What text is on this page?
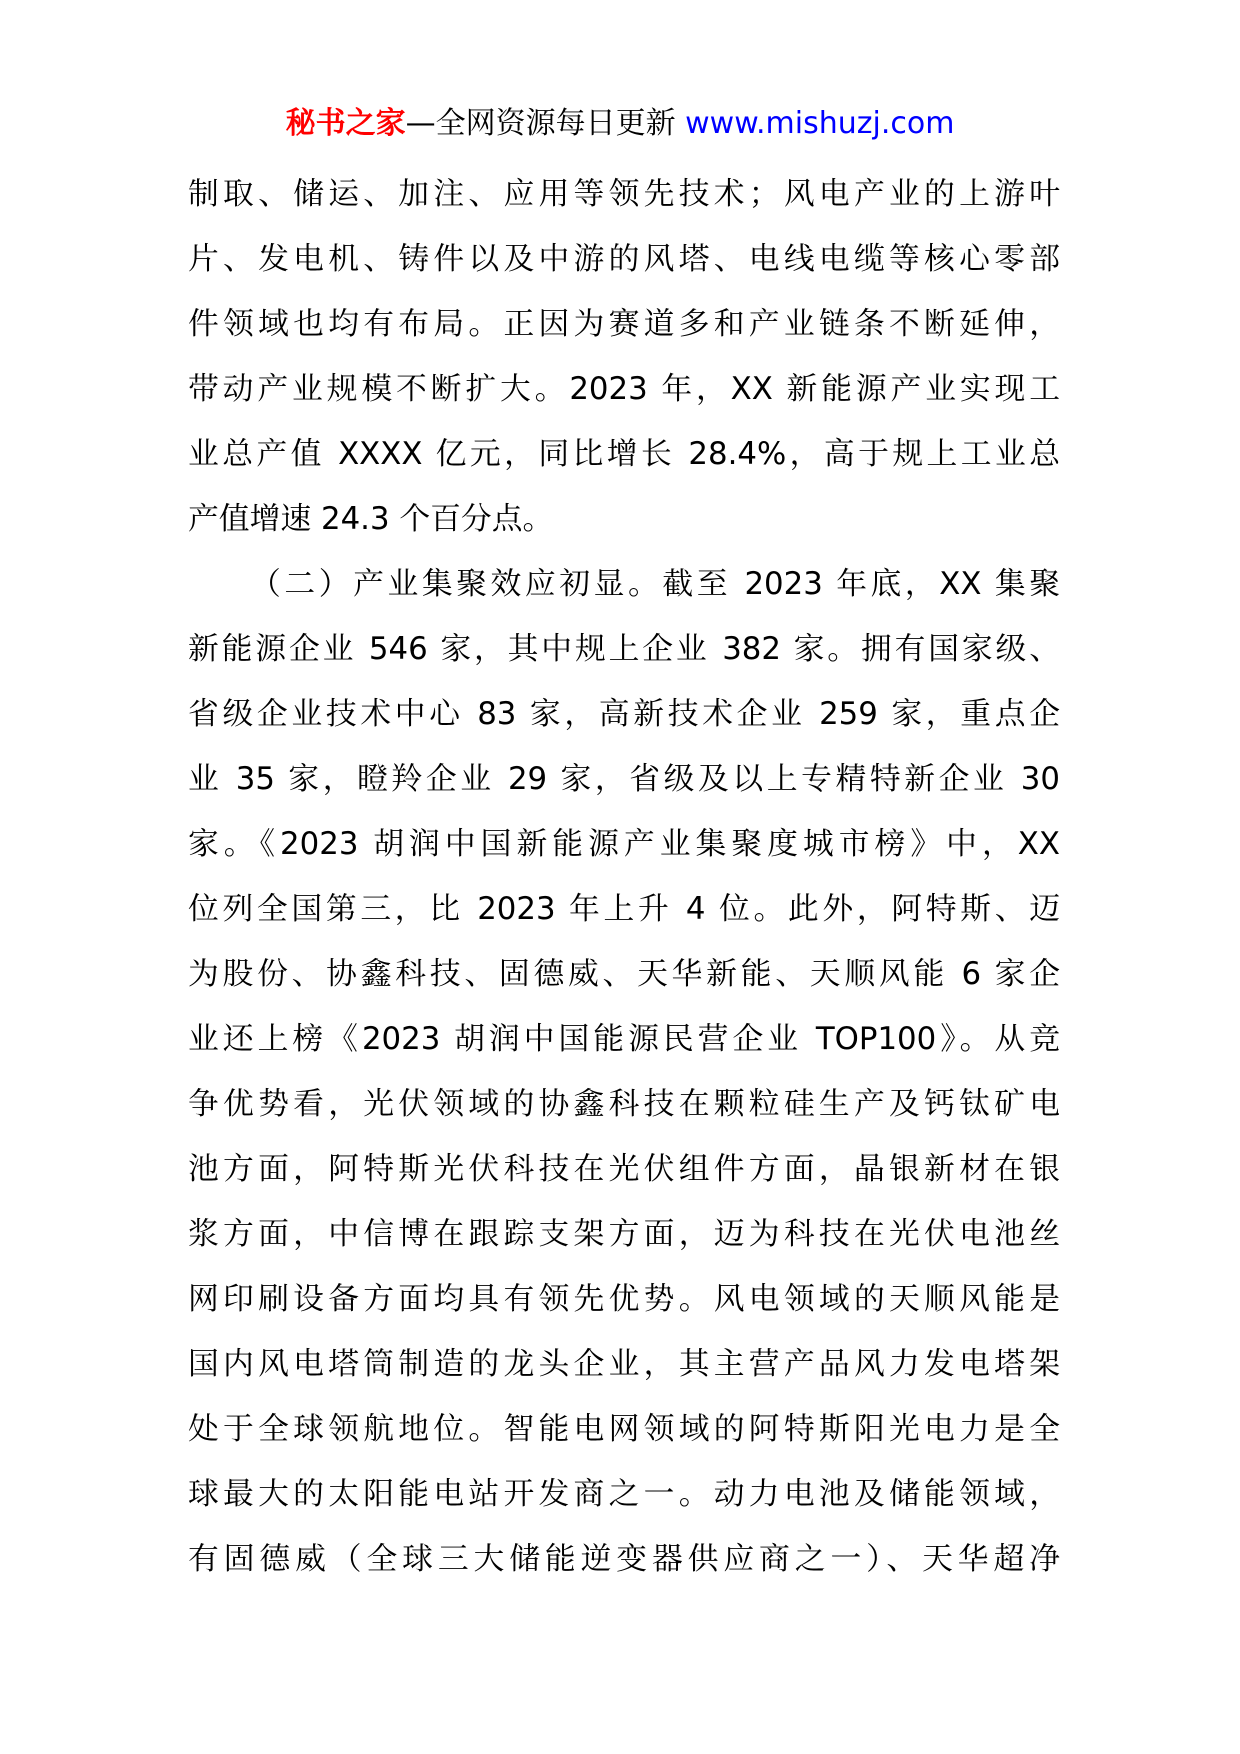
秘书之家—全网资源每日更新 www.mishuzj.com
制取、储运、加注、应用等领先技术；风电产业的上游叶
片、发电机、铸件以及中游的风塔、电线电缆等核心零部
件领域也均有布局。正因为赛道多和产业链条不断延伸，
带动产业规模不断扩大。2023 年，XX 新能源产业实现工
业总产值 XXXX 亿元，同比增长 28.4%，高于规上工业总
产值增速 24.3 个百分点。
（二）产业集聚效应初显。截至 2023 年底，XX 集聚
新能源企业 546 家，其中规上企业 382 家。拥有国家级、
省级企业技术中心 83 家，高新技术企业 259 家，重点企
业 35 家，瞪羚企业 29 家，省级及以上专精特新企业 30
家。《2023 胡润中国新能源产业集聚度城市榜》中，XX
位列全国第三，比 2023 年上升 4 位。此外，阿特斯、迈
为股份、协鑫科技、固德威、天华新能、天顺风能 6 家企
业还上榜《2023 胡润中国能源民营企业 TOP100》。从竞
争优势看，光伏领域的协鑫科技在颗粒硅生产及钙钛矿电
池方面，阿特斯光伏科技在光伏组件方面，晶银新材在银
浆方面，中信博在跟踪支架方面，迈为科技在光伏电池丝
网印刷设备方面均具有领先优势。风电领域的天顺风能是
国内风电塔筒制造的龙头企业，其主营产品风力发电塔架
处于全球领航地位。智能电网领域的阿特斯阳光电力是全
球最大的太阳能电站开发商之一。动力电池及储能领域，
有固德威（全球三大储能逆变器供应商之一）、天华超净
